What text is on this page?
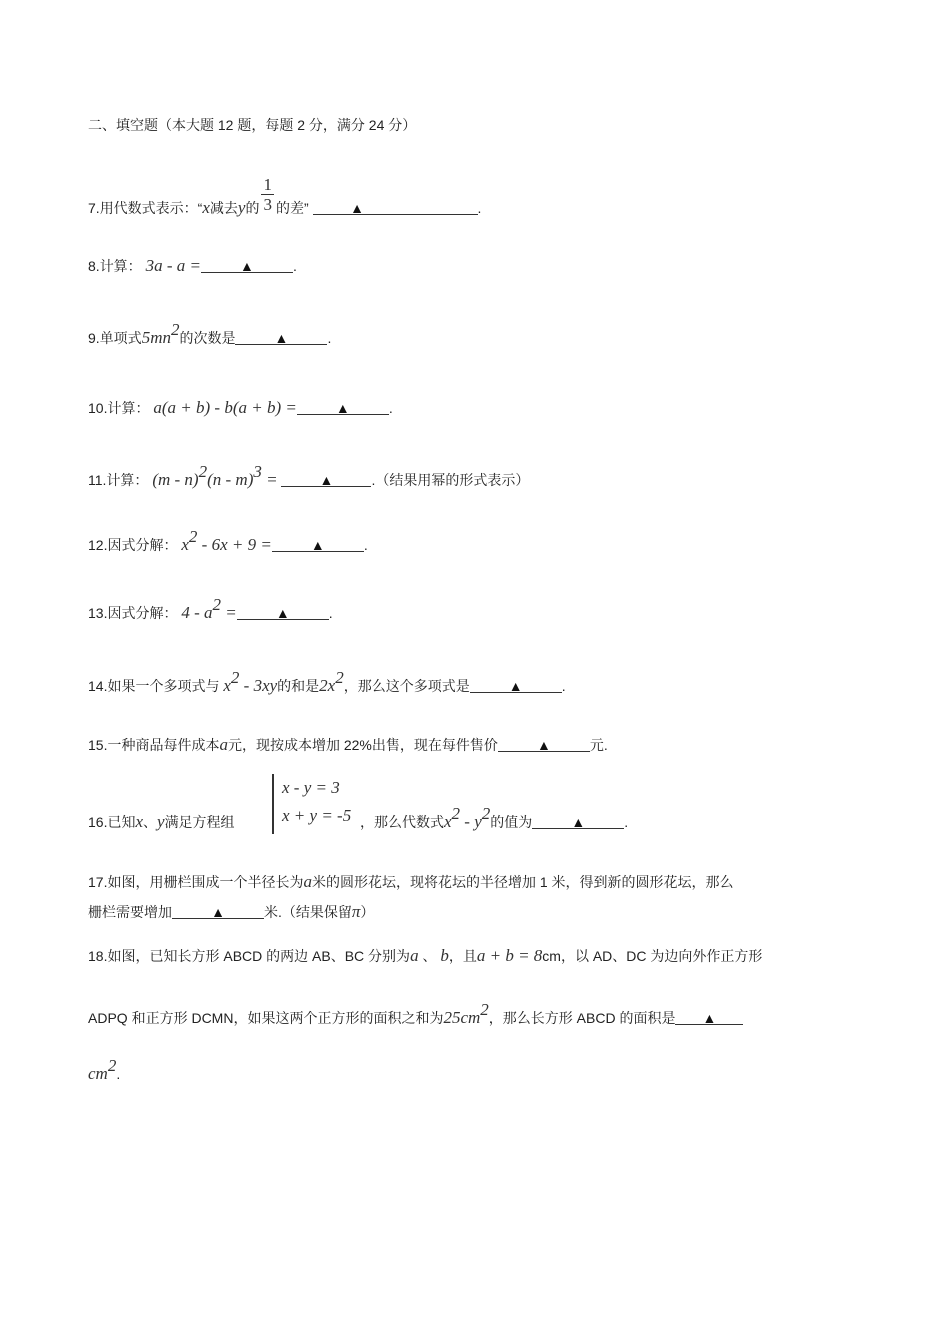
二、填空题（本大题 12 题，每题 2 分，满分 24 分）
7.用代数式表示：“x减去y的 $\frac{1}{3}$ 的差”	▲	.
8.计算： 3a - a =	▲	.
9.单项式$5mn^2$的次数是	▲	.
10.计算： a(a + b) - b(a + b) =	▲	.
11.计算： (m - n)$^2$(n - m)$^3$ =	▲	.（结果用幂的形式表示）
12.因式分解： $x^2 - 6x + 9$ =	▲	.
13.因式分解： $4 - a^2$ =	▲	.
14.如果一个多项式与 $x^2 - 3xy$的和是$2x^2$，那么这个多项式是	▲	.
15.一种商品每件成本a元，现按成本增加 22%出售，现在每件售价	▲	元.
16.已知x、y满足方程组
x - y = 3
x + y = -5 ，那么代数式$x^2 - y^2$的值为	▲	.
17.如图，用栅栏围成一个半径长为a米的圆形花坛，现将花坛的半径增加 1 米，得到新的圆形花坛，那么
栅栏需要增加	▲	米.（结果保留π）
18.如图，已知长方形 ABCD 的两边 AB、BC 分别为a 、 b，且a + b = 8cm，以 AD、DC 为边向外作正方形
ADPQ 和正方形 DCMN，如果这两个正方形的面积之和为$25cm^2$，那么长方形 ABCD 的面积是 ▲
$cm^2$.
